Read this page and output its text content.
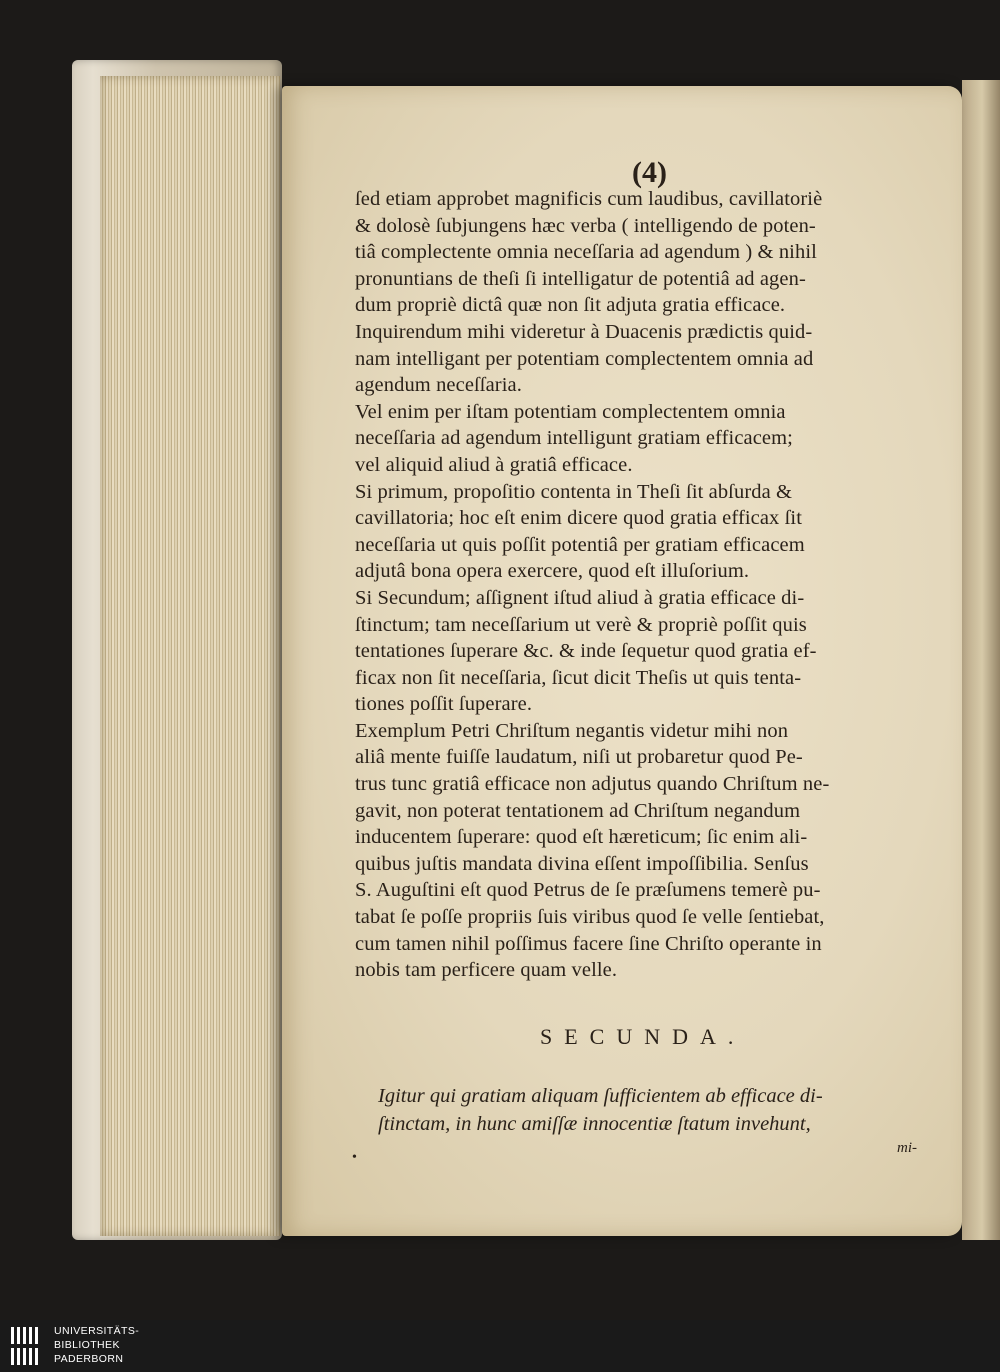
(4)
ſed etiam approbet magnificis cum laudibus, cavillatoriè
& dolosè ſubjungens hæc verba ( intelligendo de poten-
tiâ complectente omnia neceſſaria ad agendum ) & nihil
pronuntians de theſi ſi intelligatur de potentiâ ad agen-
dum propriè dictâ quæ non ſit adjuta gratia efficace.
Inquirendum mihi videretur à Duacenis prædictis quid-
nam intelligant per potentiam complectentem omnia ad
agendum neceſſaria.
Vel enim per iſtam potentiam complectentem omnia
neceſſaria ad agendum intelligunt gratiam efficacem;
vel aliquid aliud à gratiâ efficace.
Si primum, propoſitio contenta in Theſi ſit abſurda &
cavillatoria; hoc eſt enim dicere quod gratia efficax ſit
neceſſaria ut quis poſſit potentiâ per gratiam efficacem
adjutâ bona opera exercere, quod eſt illuſorium.
Si Secundum; aſſignent iſtud aliud à gratia efficace di-
ſtinctum; tam neceſſarium ut verè & propriè poſſit quis
tentationes ſuperare &c. & inde ſequetur quod gratia ef-
ficax non ſit neceſſaria, ſicut dicit Theſis ut quis tenta-
tiones poſſit ſuperare.
Exemplum Petri Chriſtum negantis videtur mihi non
aliâ mente fuiſſe laudatum, niſi ut probaretur quod Pe-
trus tunc gratiâ efficace non adjutus quando Chriſtum ne-
gavit, non poterat tentationem ad Chriſtum negandum
inducentem ſuperare: quod eſt hæreticum; ſic enim ali-
quibus juſtis mandata divina eſſent impoſſibilia. Senſus
S. Auguſtini eſt quod Petrus de ſe præſumens temerè pu-
tabat ſe poſſe propriis ſuis viribus quod ſe velle ſentiebat,
cum tamen nihil poſſimus facere ſine Chriſto operante in
nobis tam perficere quam velle.
SECUNDA.
Igitur qui gratiam aliquam ſufficientem ab efficace di-
ſtinctam, in hunc amiſſæ innocentiæ ſtatum invehunt,
mi-
•
UNIVERSITÄTS-
BIBLIOTHEK
PADERBORN
